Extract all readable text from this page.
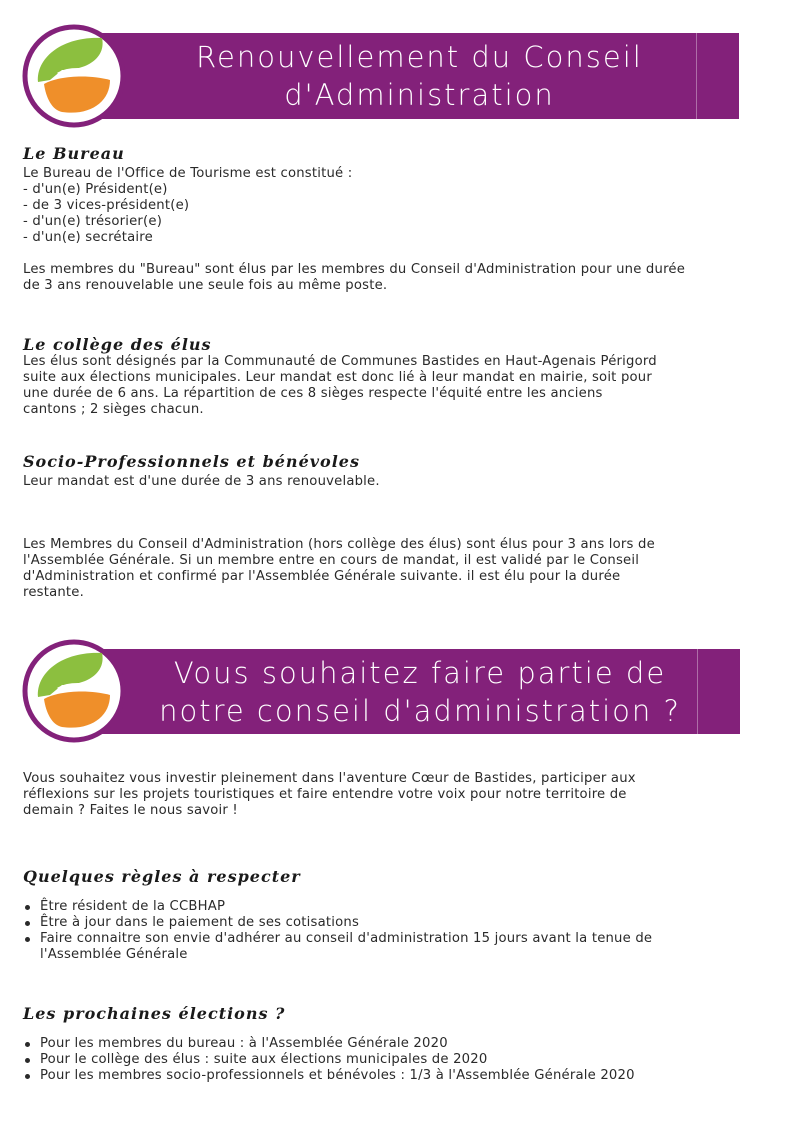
Renouvellement du Conseil
d'Administration
Le Bureau
Le Bureau de l'Office de Tourisme est constitué :
- d'un(e) Président(e)
- de 3 vices-président(e)
- d'un(e) trésorier(e)
- d'un(e) secrétaire
Les membres du "Bureau" sont élus par les membres du Conseil d'Administration pour une durée
de 3 ans renouvelable une seule fois au même poste.
Le collège des élus
Les élus sont désignés par la Communauté de Communes Bastides en Haut-Agenais Périgord
suite aux élections municipales. Leur mandat est donc lié à leur mandat en mairie, soit pour
une durée de 6 ans. La répartition de ces 8 sièges respecte l'équité entre les anciens
cantons ; 2 sièges chacun.
Socio-Professionnels et bénévoles
Leur mandat est d'une durée de 3 ans renouvelable.
Les Membres du Conseil d'Administration (hors collège des élus) sont élus pour 3 ans lors de
l'Assemblée Générale. Si un membre entre en cours de mandat, il est validé par le Conseil
d'Administration et confirmé par l'Assemblée Générale suivante. il est élu pour la durée
restante.
Vous souhaitez faire partie de
notre conseil d'administration ?
Vous souhaitez vous investir pleinement dans l'aventure Cœur de Bastides, participer aux
réflexions sur les projets touristiques et faire entendre votre voix pour notre territoire de
demain ? Faites le nous savoir !
Quelques règles à respecter
Être résident de la CCBHAP
Être à jour dans le paiement de ses cotisations
Faire connaitre son envie d'adhérer au conseil d'administration 15 jours avant la tenue de
l'Assemblée Générale
Les prochaines élections ?
Pour les membres du bureau : à l'Assemblée Générale 2020
Pour le collège des élus : suite aux élections municipales de 2020
Pour les membres socio-professionnels et bénévoles : 1/3 à l'Assemblée Générale 2020
